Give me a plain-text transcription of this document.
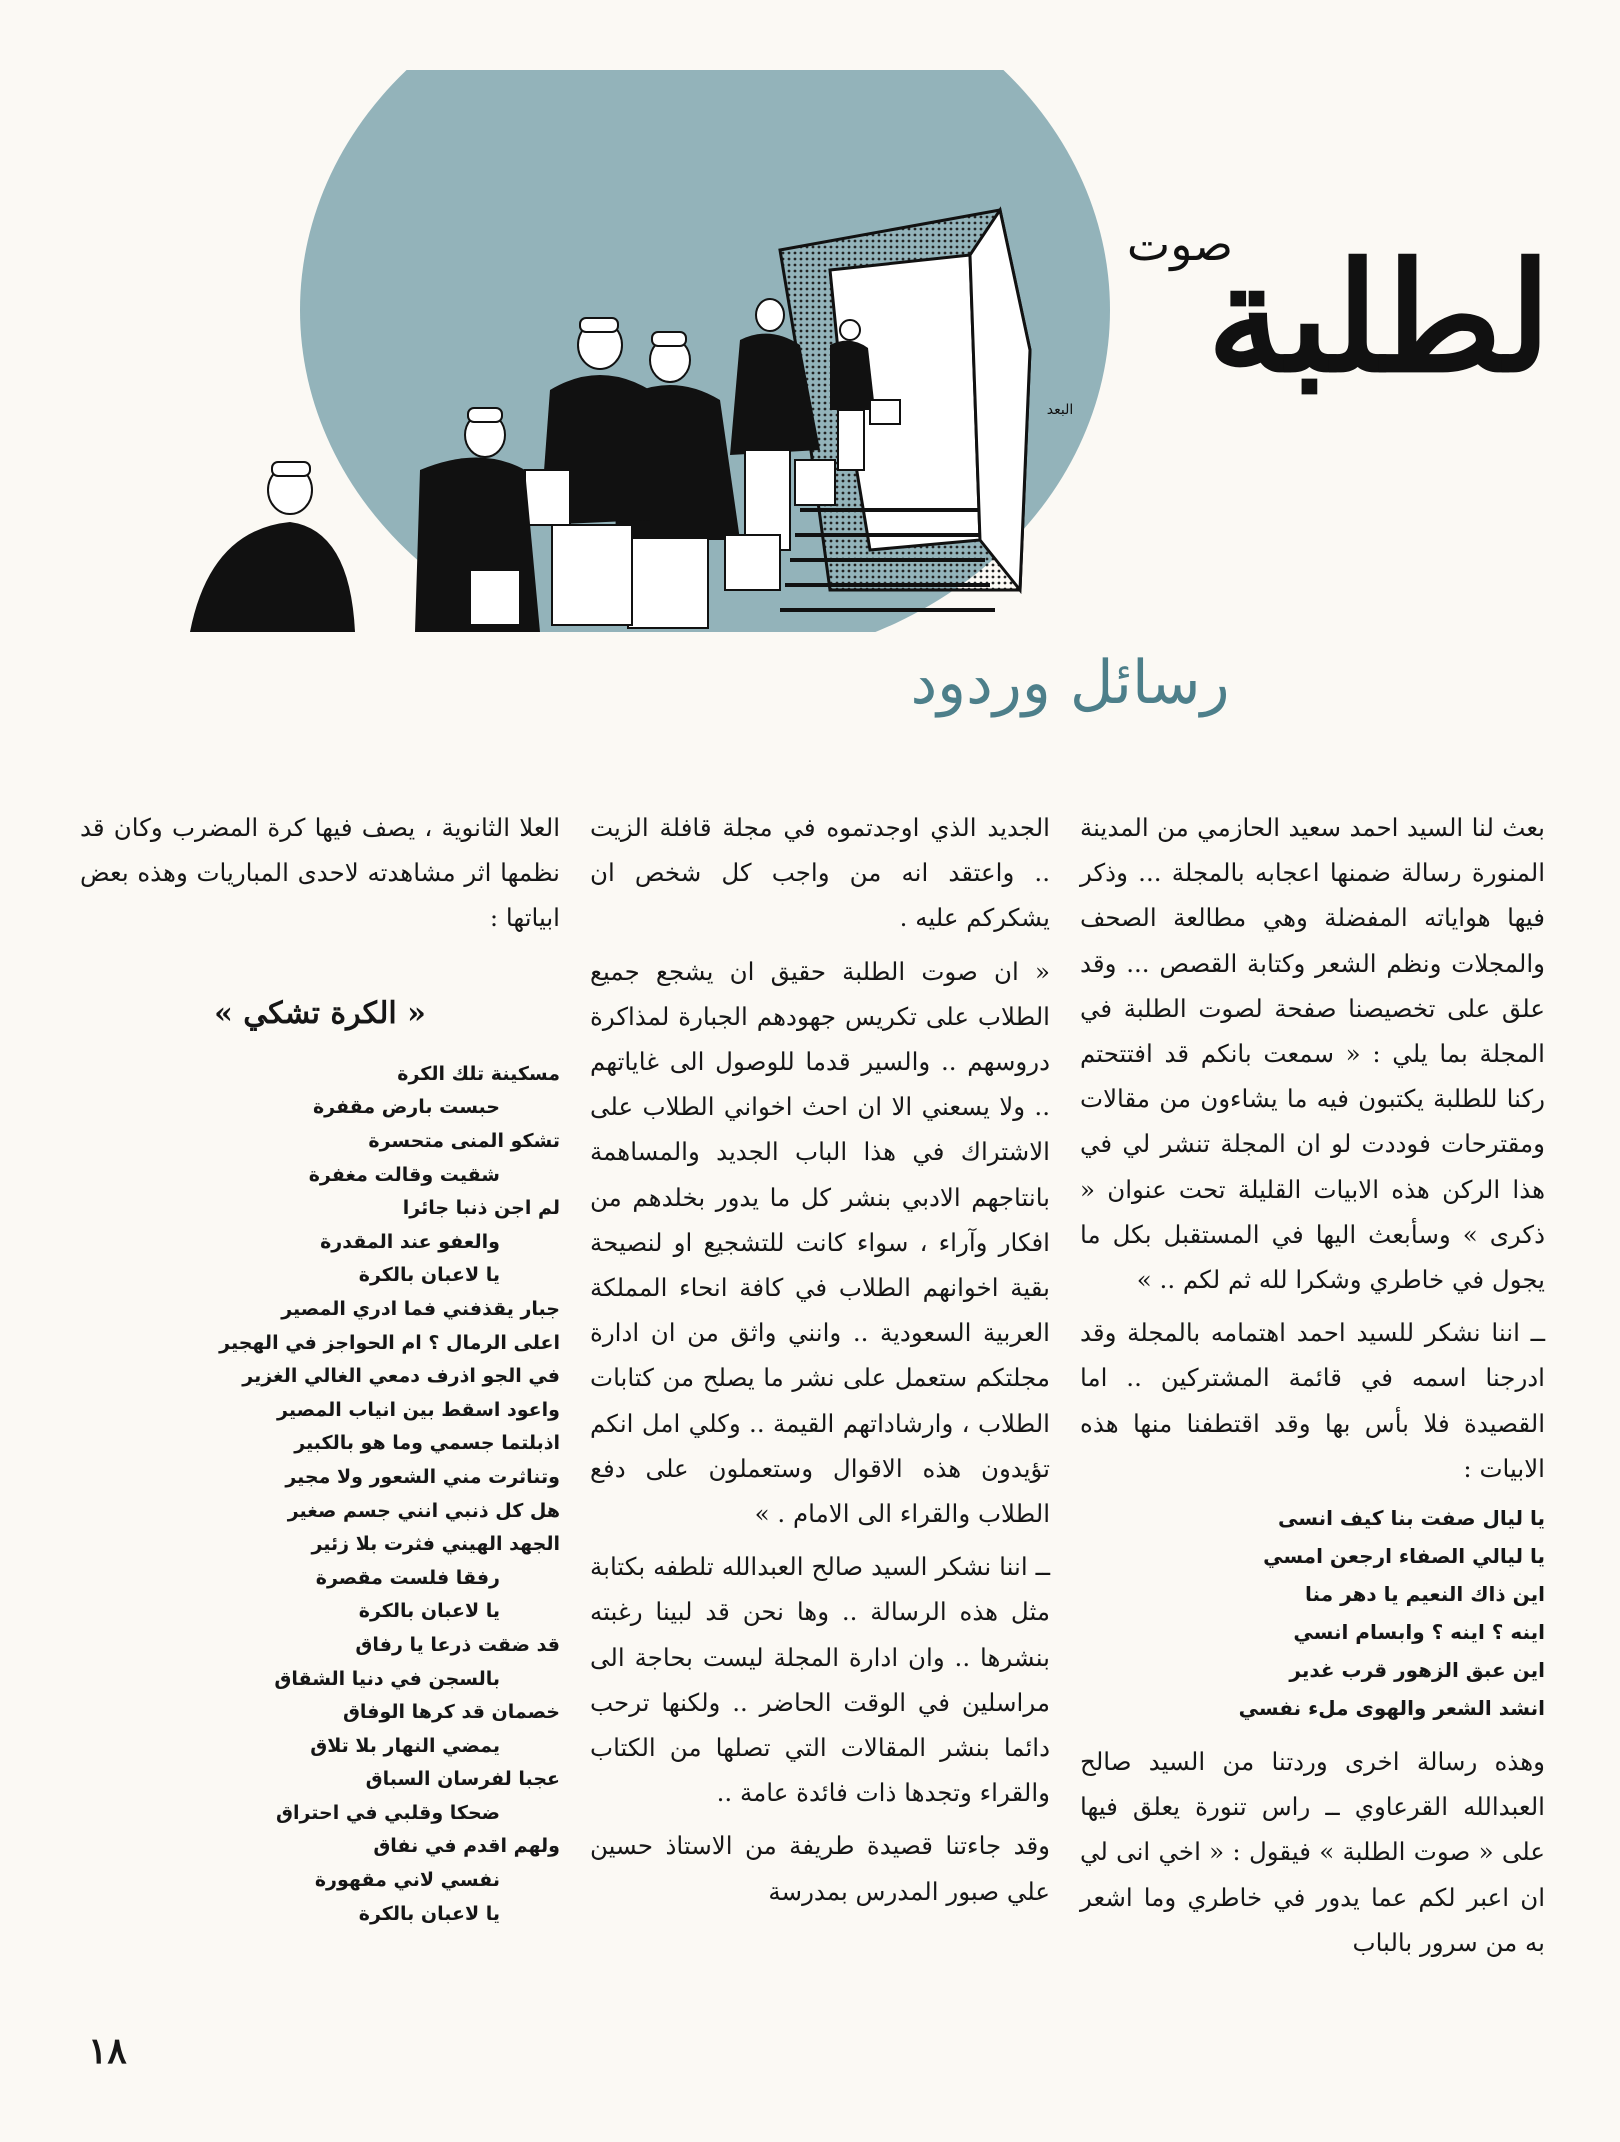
صوت
الطلبة
البعد
رسائل وردود

بعث لنا السيد احمد سعيد الحازمي من المدينة المنورة رسالة ضمنها اعجابه بالمجلة ... وذكر فيها هواياته المفضلة وهي مطالعة الصحف والمجلات ونظم الشعر وكتابة القصص ... وقد علق على تخصيصنا صفحة لصوت الطلبة في المجلة بما يلي : « سمعت بانكم قد افتتحتم ركنا للطلبة يكتبون فيه ما يشاءون من مقالات ومقترحات فوددت لو ان المجلة تنشر لي في هذا الركن هذه الابيات القليلة تحت عنوان « ذكرى » وسأبعث اليها في المستقبل بكل ما يجول في خاطري وشكرا لله ثم لكم .. »

ــ اننا نشكر للسيد احمد اهتمامه بالمجلة وقد ادرجنا اسمه في قائمة المشتركين .. اما القصيدة فلا بأس بها وقد اقتطفنا منها هذه الابيات :

يا ليال صفت بنا كيف انسى
يا ليالي الصفاء ارجعن امسي
اين ذاك النعيم يا دهر منا
اينه ؟ اينه ؟ وابسام انسي
اين عبق الزهور قرب غدير
انشد الشعر والهوى ملء نفسي

وهذه رسالة اخرى وردتنا من السيد صالح العبدالله القرعاوي ــ راس تنورة يعلق فيها على « صوت الطلبة » فيقول : « اخي انى لي ان اعبر لكم عما يدور في خاطري وما اشعر به من سرور بالباب

الجديد الذي اوجدتموه في مجلة قافلة الزيت .. واعتقد انه من واجب كل شخص ان يشكركم عليه .

« ان صوت الطلبة حقيق ان يشجع جميع الطلاب على تكريس جهودهم الجبارة لمذاكرة دروسهم .. والسير قدما للوصول الى غاياتهم .. ولا يسعني الا ان احث اخواني الطلاب على الاشتراك في هذا الباب الجديد والمساهمة بانتاجهم الادبي بنشر كل ما يدور بخلدهم من افكار وآراء ، سواء كانت للتشجيع او لنصيحة بقية اخوانهم الطلاب في كافة انحاء المملكة العربية السعودية .. وانني واثق من ان ادارة مجلتكم ستعمل على نشر ما يصلح من كتابات الطلاب ، وارشاداتهم القيمة .. وكلي امل انكم تؤيدون هذه الاقوال وستعملون على دفع الطلاب والقراء الى الامام . »

ــ اننا نشكر السيد صالح العبدالله تلطفه بكتابة مثل هذه الرسالة .. وها نحن قد لبينا رغبته بنشرها .. وان ادارة المجلة ليست بحاجة الى مراسلين في الوقت الحاضر .. ولكنها ترحب دائما بنشر المقالات التي تصلها من الكتاب والقراء وتجدها ذات فائدة عامة ..

وقد جاءتنا قصيدة طريفة من الاستاذ حسين علي صبور المدرس بمدرسة

العلا الثانوية ، يصف فيها كرة المضرب وكان قد نظمها اثر مشاهدته لاحدى المباريات وهذه بعض ابياتها :

« الكرة تشكي »
مسكينة تلك الكرة
حبست بارض مقفرة
تشكو المنى متحسرة
شقيت وقالت مغفرة
لم اجن ذنبا جائرا
والعفو عند المقدرة
يا لاعبان بالكرة
جبار يقذفني فما ادري المصير
اعلى الرمال ؟ ام الحواجز في الهجير
في الجو اذرف دمعي الغالي الغزير
واعود اسقط بين انياب المصير
اذبلتما جسمي وما هو بالكبير
وتناثرت مني الشعور ولا مجير
هل كل ذنبي انني جسم صغير
الجهد الهيني فثرت بلا زئير
رفقا فلست مقصرة
يا لاعبان بالكرة
قد ضقت ذرعا يا رفاق
بالسجن في دنيا الشقاق
خصمان قد كرها الوفاق
يمضي النهار بلا تلاق
عجبا لفرسان السباق
ضحكا وقلبي في احتراق
ولهم اقدم في نفاق
نفسي لاني مقهورة
يا لاعبان بالكرة
١٨
